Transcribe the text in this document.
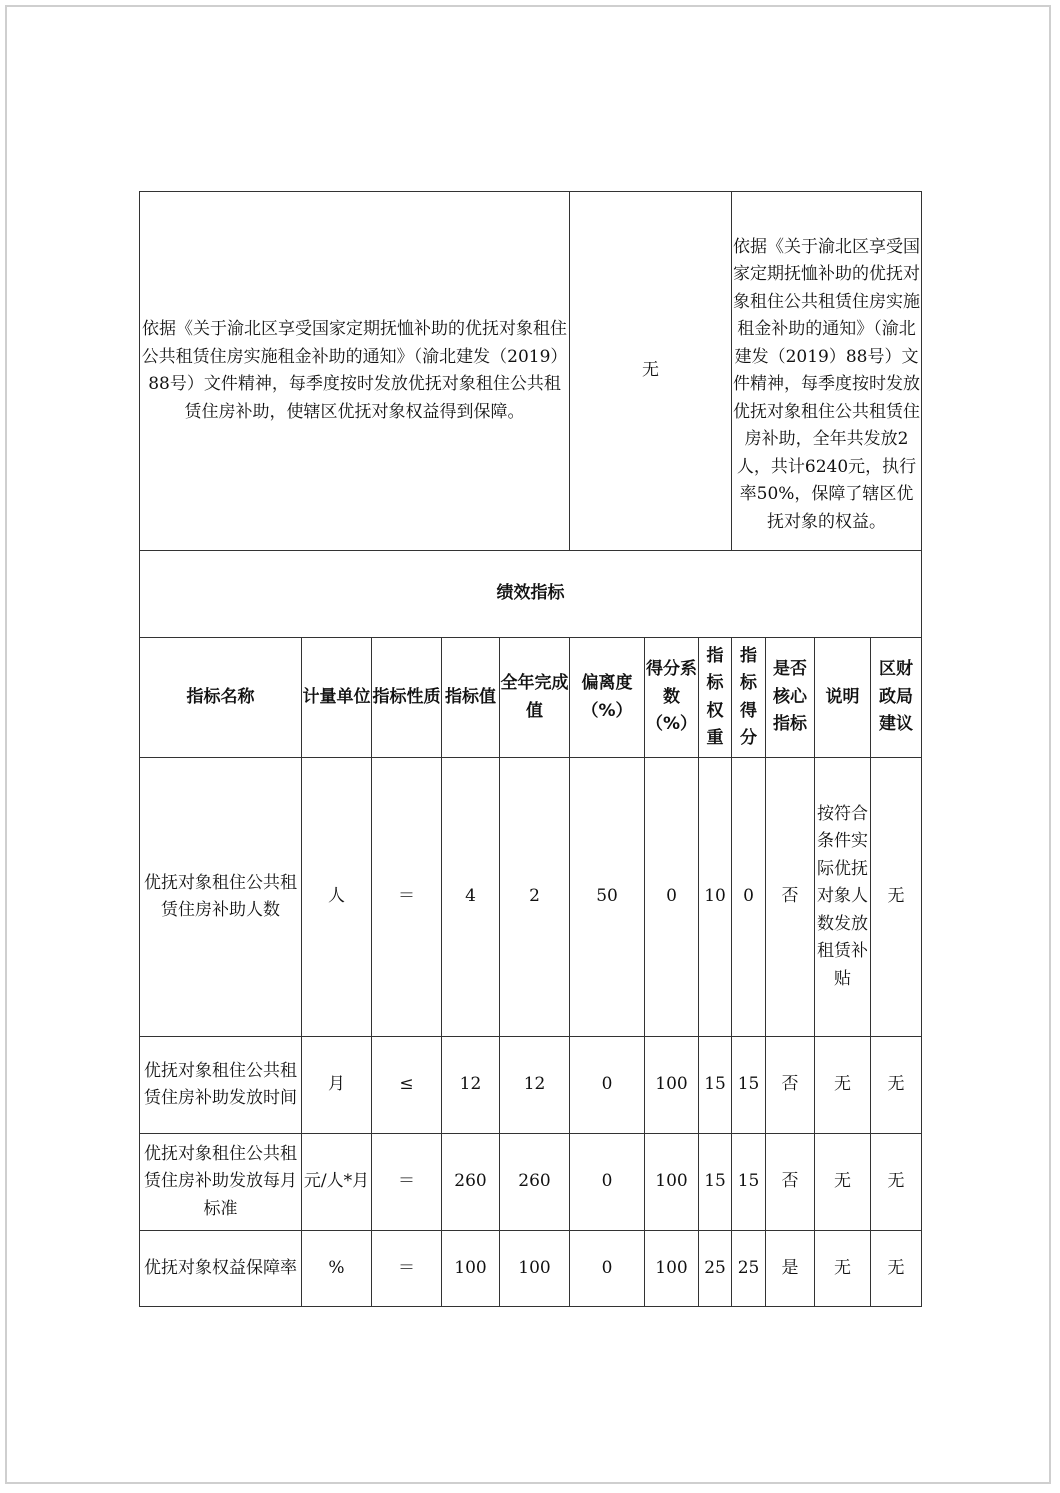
依据《关于渝北区享受国家定期抚恤补助的优抚对象租住公共租赁住房实施租金补助的通知》（渝北建发（2019）88号）文件精神，每季度按时发放优抚对象租住公共租赁住房补助，使辖区优抚对象权益得到保障。					无			依据《关于渝北区享受国家定期抚恤补助的优抚对象租住公共租赁住房实施租金补助的通知》（渝北建发（2019）88号）文件精神，每季度按时发放优抚对象租住公共租赁住房补助，全年共发放2人，共计6240元，执行率50%，保障了辖区优抚对象的权益。			

绩效指标											
指标名称	计量单位	指标性质	指标值	全年完成值	偏离度（%）	得分系数（%）	指标权重	指标得分	是否核心指标	说明	区财政局建议
优抚对象租住公共租赁住房补助人数	人	＝	4	2	50	0	10	0	否	按符合条件实际优抚对象人数发放租赁补贴	无
优抚对象租住公共租赁住房补助发放时间	月	≤	12	12	0	100	15	15	否	无	无
优抚对象租住公共租赁住房补助发放每月标准	元/人*月	＝	260	260	0	100	15	15	否	无	无
优抚对象权益保障率	%	＝	100	100	0	100	25	25	是	无	无
